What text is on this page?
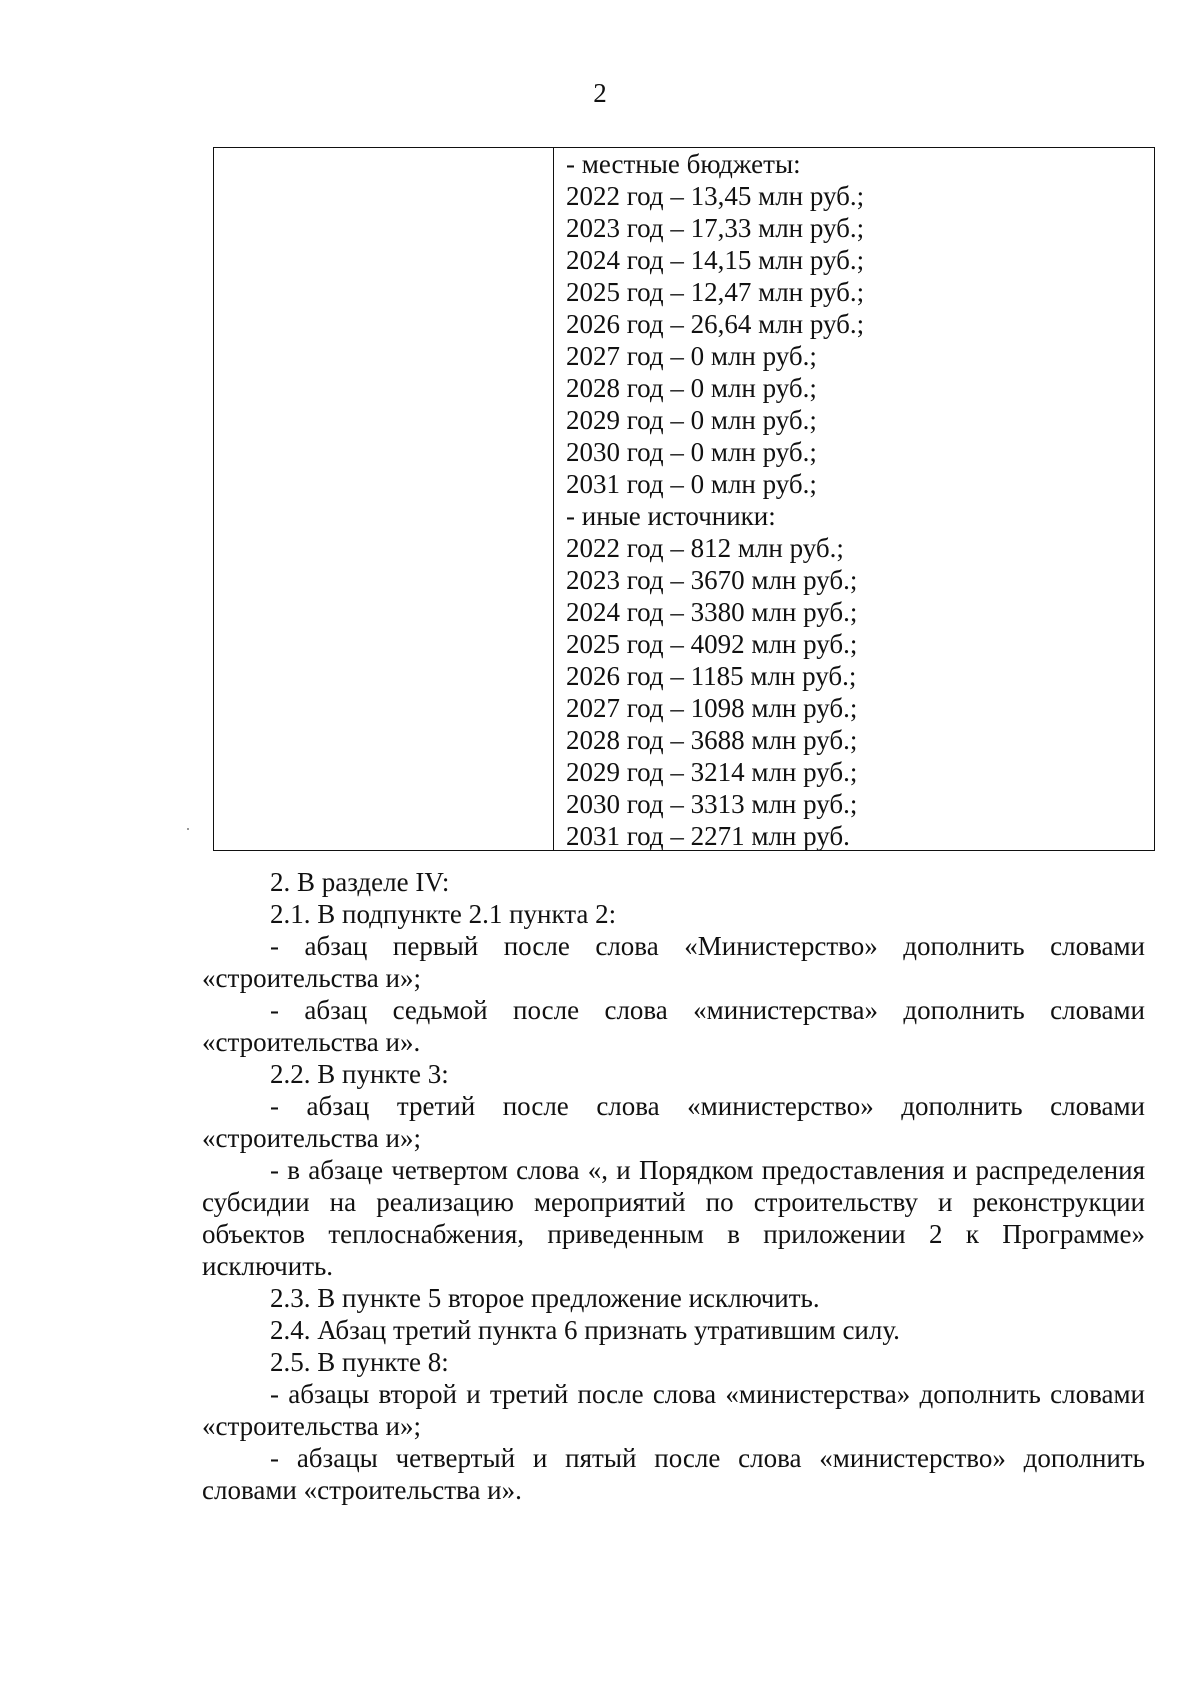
2
- местные бюджеты:
2022 год – 13,45 млн руб.;
2023 год – 17,33 млн руб.;
2024 год – 14,15 млн руб.;
2025 год – 12,47 млн руб.;
2026 год – 26,64 млн руб.;
2027 год – 0 млн руб.;
2028 год – 0 млн руб.;
2029 год – 0 млн руб.;
2030 год – 0 млн руб.;
2031 год – 0 млн руб.;
- иные источники:
2022 год – 812 млн руб.;
2023 год – 3670 млн руб.;
2024 год – 3380 млн руб.;
2025 год – 4092 млн руб.;
2026 год – 1185 млн руб.;
2027 год – 1098 млн руб.;
2028 год – 3688 млн руб.;
2029 год – 3214 млн руб.;
2030 год – 3313 млн руб.;
2031 год – 2271 млн руб.

2. В разделе IV:

2.1. В подпункте 2.1 пункта 2:

- абзац первый после слова «Министерство» дополнить словами «строительства и»;

- абзац седьмой после слова «министерства» дополнить словами «строительства и».

2.2. В пункте 3:

- абзац третий после слова «министерство» дополнить словами «строительства и»;

- в абзаце четвертом слова «, и Порядком предоставления и распределения субсидии на реализацию мероприятий по строительству и реконструкции объектов теплоснабжения, приведенным в приложении 2 к Программе» исключить.

2.3. В пункте 5 второе предложение исключить.

2.4. Абзац третий пункта 6 признать утратившим силу.

2.5. В пункте 8:

- абзацы второй и третий после слова «министерства» дополнить словами «строительства и»;

- абзацы четвертый и пятый после слова «министерство» дополнить словами «строительства и».
